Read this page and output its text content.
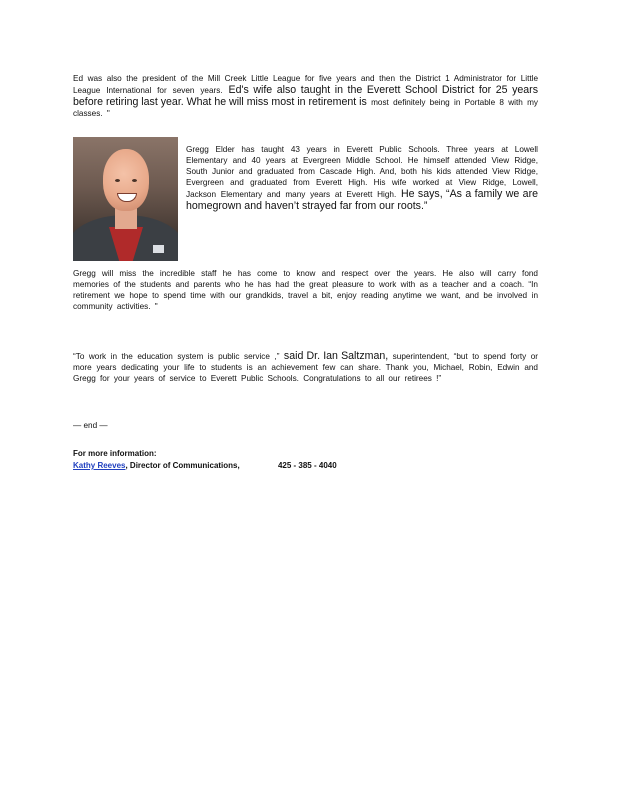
Ed was also the president of the Mill Creek Little League for five years and then the District 1 Administrator for Little League International for seven years. Ed's wife also taught in the Everett School District for 25 years before retiring last year. What he will miss most in retirement is most definitely being in Portable 8 with my classes. "
Gregg Elder has taught 43 years in Everett Public Schools. Three years at Lowell Elementary and 40 years at Evergreen Middle School. He himself attended View Ridge, South Junior and graduated from Cascade High. And, both his kids attended View Ridge, Evergreen and graduated from Everett High. His wife worked at View Ridge, Lowell, Jackson Elementary and many years at Everett High. He says, “As a family we are homegrown and haven’t strayed far from our roots.”
Gregg will miss the incredible staff he has come to know and respect over the years. He also will carry fond memories of the students and parents who he has had the great pleasure to work with as a teacher and a coach. “In retirement we hope to spend time with our grandkids, travel a bit, enjoy reading anytime we want, and be involved in community activities. "
“To work in the education system is public service ,” said Dr. Ian Saltzman, superintendent, “but to spend forty or more years dedicating your life to students is an achievement few can share. Thank you, Michael, Robin, Edwin and Gregg for your years of service to Everett Public Schools. Congratulations to all our retirees !”
— end —
For more information:
Kathy Reeves, Director of Communications,	425 - 385 - 4040
